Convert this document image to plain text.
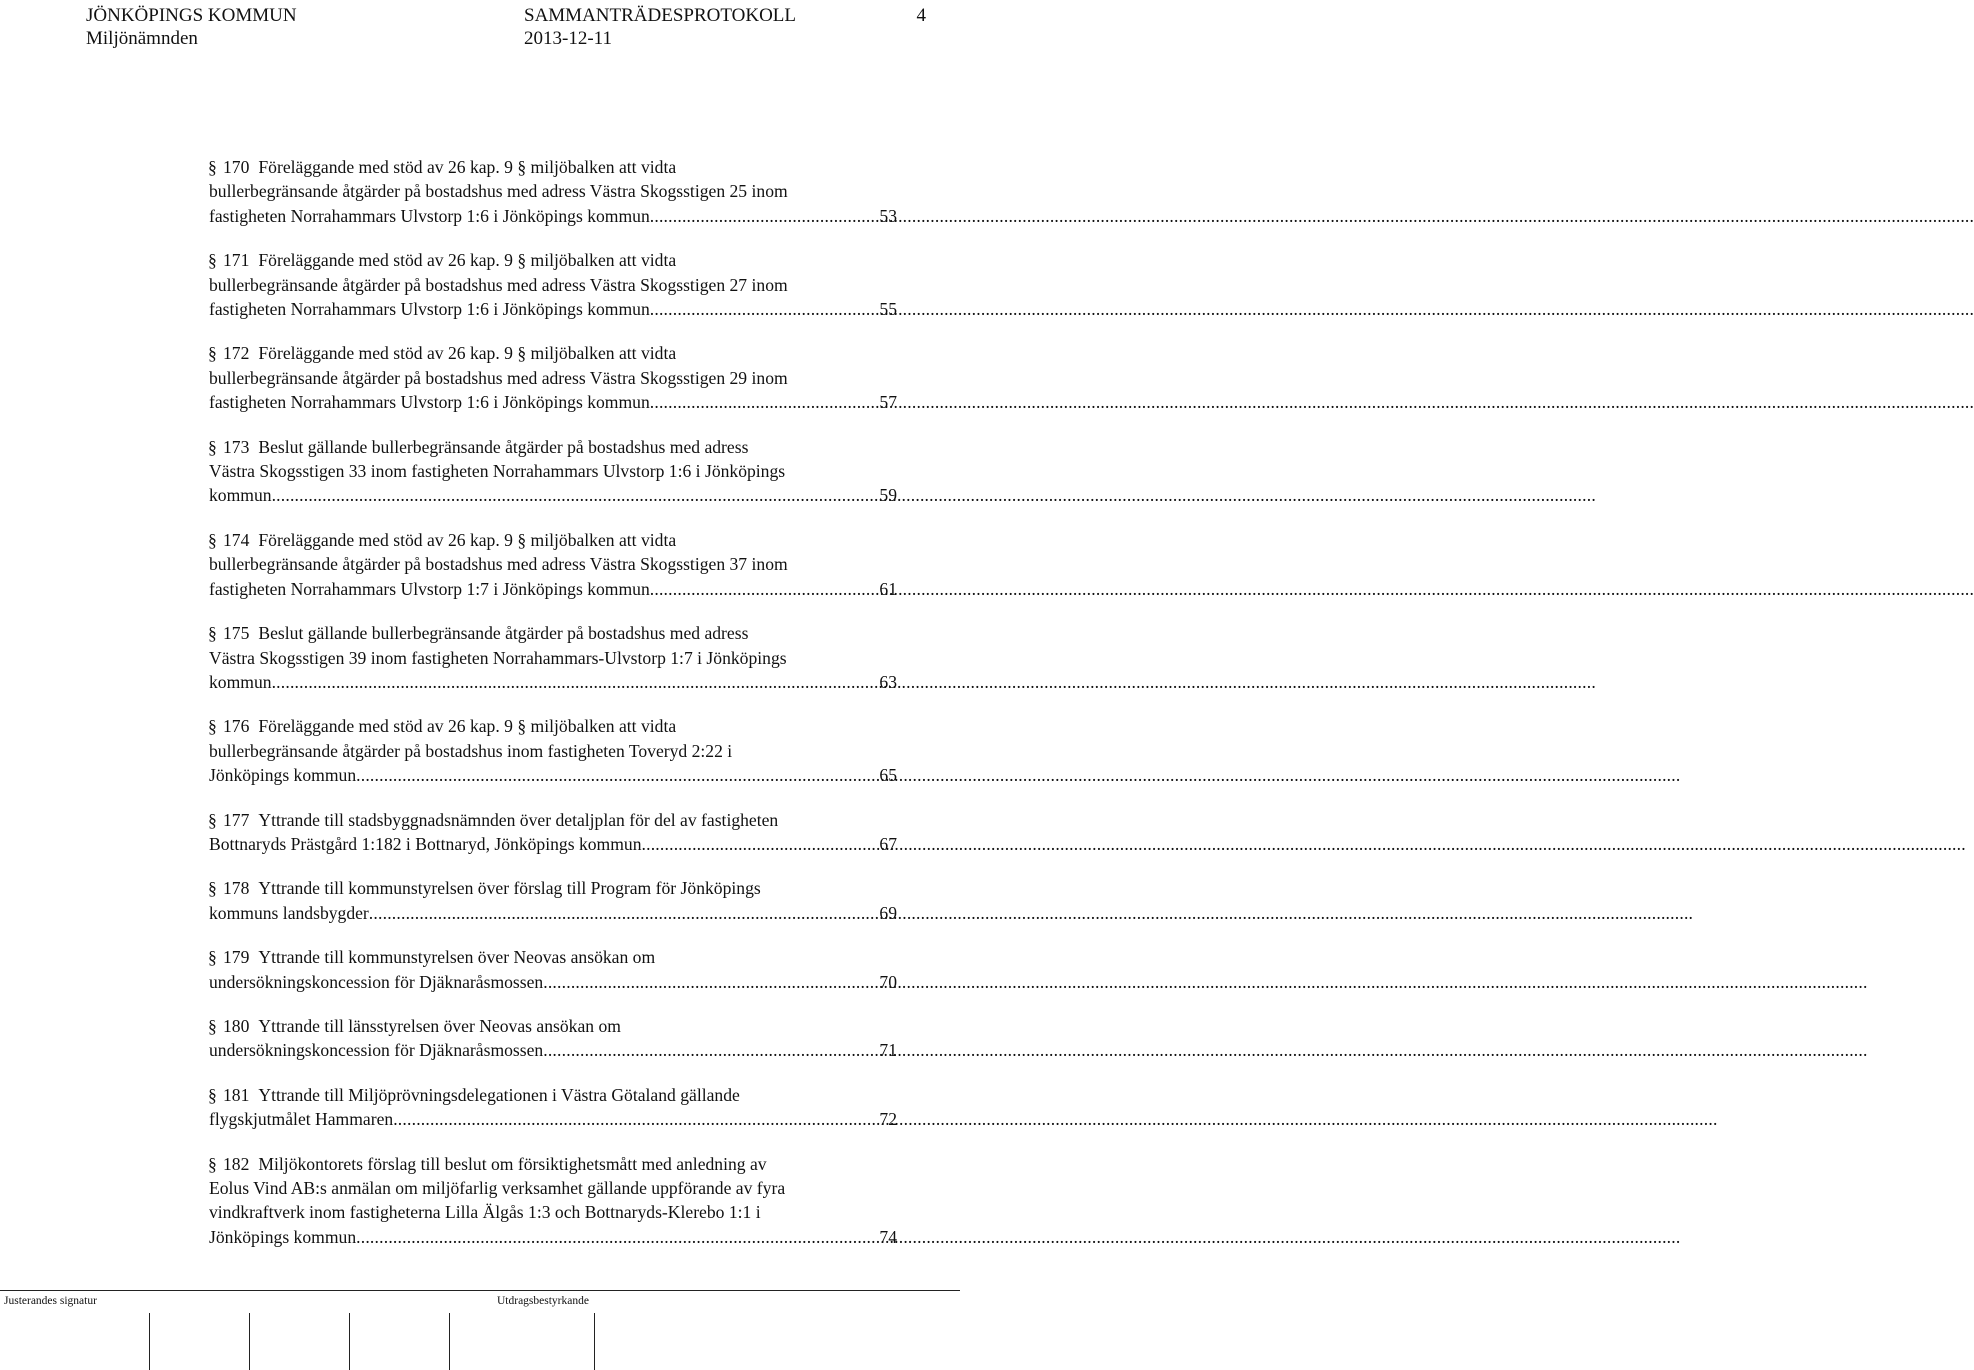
JÖNKÖPINGS KOMMUN
Miljönämnden
SAMMANTRÄDESPROTOKOLL
2013-12-11
4
§ 170 Föreläggande med stöd av 26 kap. 9 § miljöbalken att vidta
bullerbegränsande åtgärder på bostadshus med adress Västra Skogsstigen 25 inom
fastigheten Norrahammars Ulvstorp 1:6 i Jönköpings kommun .....	53
§ 171 Föreläggande med stöd av 26 kap. 9 § miljöbalken att vidta
bullerbegränsande åtgärder på bostadshus med adress Västra Skogsstigen 27 inom
fastigheten Norrahammars Ulvstorp 1:6 i Jönköpings kommun .....	55
§ 172 Föreläggande med stöd av 26 kap. 9 § miljöbalken att vidta
bullerbegränsande åtgärder på bostadshus med adress Västra Skogsstigen 29 inom
fastigheten Norrahammars Ulvstorp 1:6 i Jönköpings kommun .....	57
§ 173 Beslut gällande bullerbegränsande åtgärder på bostadshus med adress
Västra Skogsstigen 33 inom fastigheten Norrahammars Ulvstorp 1:6 i Jönköpings
kommun .....	59
§ 174 Föreläggande med stöd av 26 kap. 9 § miljöbalken att vidta
bullerbegränsande åtgärder på bostadshus med adress Västra Skogsstigen 37 inom
fastigheten Norrahammars Ulvstorp 1:7 i Jönköpings kommun .....	61
§ 175 Beslut gällande bullerbegränsande åtgärder på bostadshus med adress
Västra Skogsstigen 39 inom fastigheten Norrahammars-Ulvstorp 1:7 i Jönköpings
kommun .....	63
§ 176 Föreläggande med stöd av 26 kap. 9 § miljöbalken att vidta
bullerbegränsande åtgärder på bostadshus inom fastigheten Toveryd 2:22 i
Jönköpings kommun .....	65
§ 177 Yttrande till stadsbyggnadsnämnden över detaljplan för del av fastigheten
Bottnaryds Prästgård 1:182 i Bottnaryd, Jönköpings kommun .....	67
§ 178 Yttrande till kommunstyrelsen över förslag till Program för Jönköpings
kommuns landsbygder .....	69
§ 179 Yttrande till kommunstyrelsen över Neovas ansökan om
undersökningskoncession för Djäknaråsmossen .....	70
§ 180 Yttrande till länsstyrelsen över Neovas ansökan om
undersökningskoncession för Djäknaråsmossen .....	71
§ 181 Yttrande till Miljöprövningsdelegationen i Västra Götaland gällande
flygskjutmålet Hammaren .....	72
§ 182 Miljökontorets förslag till beslut om försiktighetsmått med anledning av
Eolus Vind AB:s anmälan om miljöfarlig verksamhet gällande uppförande av fyra
vindkraftverk inom fastigheterna Lilla Älgås 1:3 och Bottnaryds-Klerebo 1:1 i
Jönköpings kommun .....	74
Justerandes signatur	Utdragsbestyrkande
